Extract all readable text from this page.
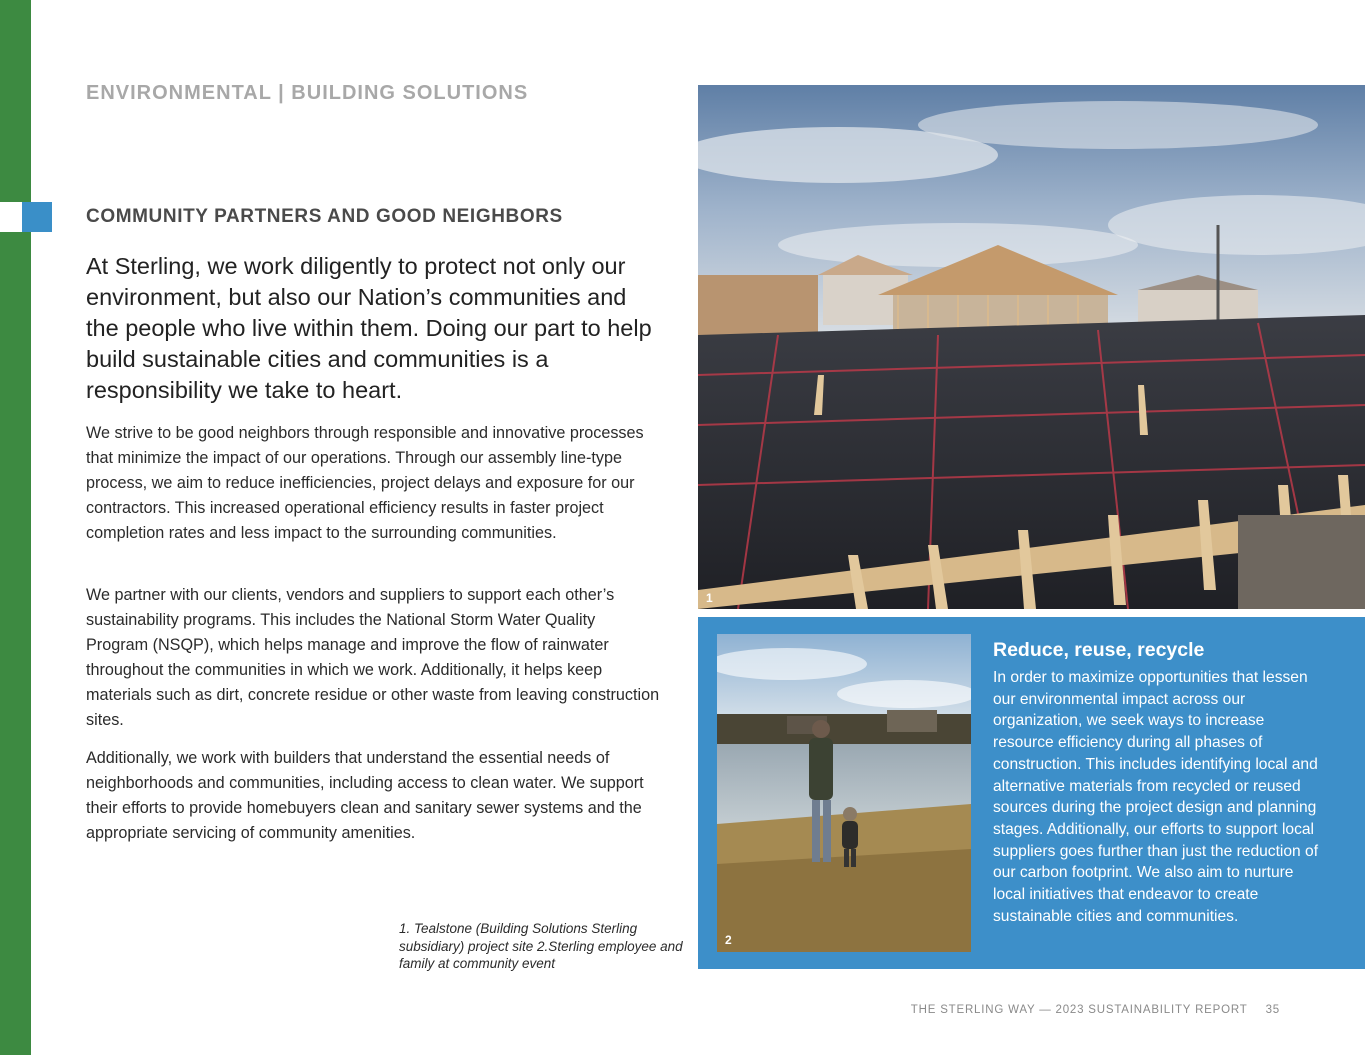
ENVIRONMENTAL | BUILDING SOLUTIONS
COMMUNITY PARTNERS AND GOOD NEIGHBORS

At Sterling, we work diligently to protect not only our environment, but also our Nation’s communities and the people who live within them. Doing our part to help build sustainable cities and communities is a responsibility we take to heart.

We strive to be good neighbors through responsible and innovative processes that minimize the impact of our operations. Through our assembly line-type process, we aim to reduce inefficiencies, project delays and exposure for our contractors. This increased operational efficiency results in faster project completion rates and less impact to the surrounding communities.

We partner with our clients, vendors and suppliers to support each other’s sustainability programs. This includes the National Storm Water Quality Program (NSQP), which helps manage and improve the flow of rainwater throughout the communities in which we work. Additionally, it helps keep materials such as dirt, concrete residue or other waste from leaving construction sites.

Additionally, we work with builders that understand the essential needs of neighborhoods and communities, including access to clean water. We support their efforts to provide homebuyers clean and sanitary sewer systems and the appropriate servicing of community amenities.

1. Tealstone (Building Solutions Sterling subsidiary) project site 2.Sterling employee and family at community event

1
2
Reduce, reuse, recycle

In order to maximize opportunities that lessen our environmental impact across our organization, we seek ways to increase resource efficiency during all phases of construction. This includes identifying local and alternative materials from recycled or reused sources during the project design and planning stages. Additionally, our efforts to support local suppliers goes further than just the reduction of our carbon footprint. We also aim to nurture local initiatives that endeavor to create sustainable cities and communities.

THE STERLING WAY — 2023 SUSTAINABILITY REPORT 35
